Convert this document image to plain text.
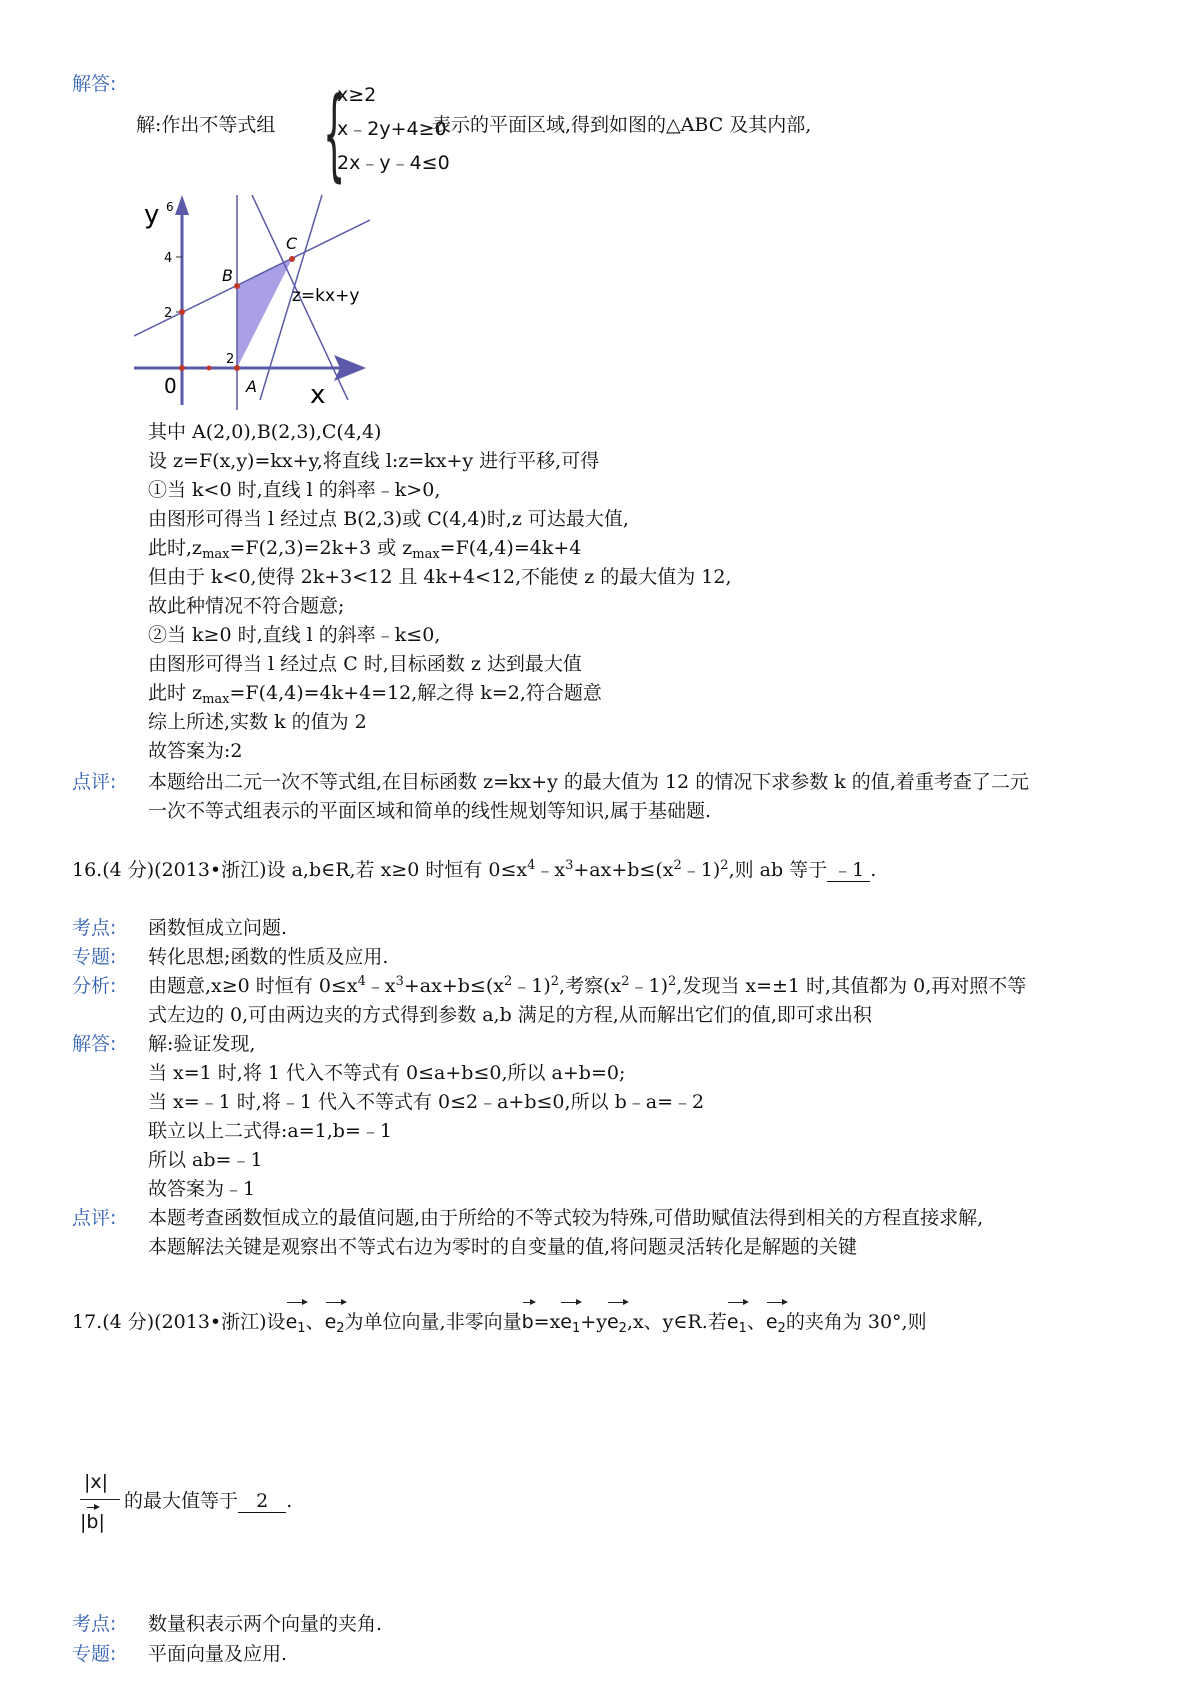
解答:
解:作出不等式组 {
x≥2
x﹣2y+4≥0
2x﹣y﹣4≤0
表示的平面区域,得到如图的△ABC 及其内部,
y 6
4
2
0
2
A
B
C
z=kx+y
x
其中 A(2,0),B(2,3),C(4,4)
设 z=F(x,y)=kx+y,将直线 l:z=kx+y 进行平移,可得
①当 k<0 时,直线 l 的斜率﹣k>0,
由图形可得当 l 经过点 B(2,3)或 C(4,4)时,z 可达最大值,
此时$,z_{max}=F(2,3)=2k+3$ 或 $z_{max}=F(4,4)=4k+4$
但由于 k<0,使得 2k+3<12 且 4k+4<12,不能使 z 的最大值为 12,
故此种情况不符合题意;
②当 k≥0 时,直线 l 的斜率﹣k≤0,
由图形可得当 l 经过点 C 时,目标函数 z 达到最大值
此时 $z_{max}=F(4,4)=4k+4=12$,解之得 k=2,符合题意
综上所述,实数 k 的值为 2
故答案为:2
点评: 本题给出二元一次不等式组,在目标函数 z=kx+y 的最大值为 12 的情况下求参数 k 的值,着重考查了二元
一次不等式组表示的平面区域和简单的线性规划等知识,属于基础题.
16.(4 分)(2013•浙江)设 a,b∈R,若 x≥0 时恒有 $0\le x^4﹣x^3+ax+b\le(x^2﹣1)^2$,则 ab 等于 ﹣1 .
考点: 函数恒成立问题.
专题: 转化思想;函数的性质及应用.
分析: 由题意,x≥0 时恒有 $0\le x^4﹣x^3+ax+b\le(x^2﹣1)^2$,考察$(x^2﹣1)^2$,发现当 x=±1 时,其值都为 0,再对照不等
式左边的 0,可由两边夹的方式得到参数 a,b 满足的方程,从而解出它们的值,即可求出积
解答: 解:验证发现,
当 x=1 时,将 1 代入不等式有 0≤a+b≤0,所以 a+b=0;
当 x=﹣1 时,将﹣1 代入不等式有 0≤2﹣a+b≤0,所以 b﹣a=﹣2
联立以上二式得:a=1,b=﹣1
所以 ab=﹣1
故答案为﹣1
点评: 本题考查函数恒成立的最值问题,由于所给的不等式较为特殊,可借助赋值法得到相关的方程直接求解,
本题解法关键是观察出不等式右边为零时的自变量的值,将问题灵活转化是解题的关键
17.(4 分)(2013•浙江)设$e_1$、$e_2$为单位向量,非零向量$b=xe_1+ye_2,x$、y∈R.若$e_1$、$e_2$的夹角为 30°,则
|x|
|b|
的最大值等于 2 .
考点: 数量积表示两个向量的夹角.
专题: 平面向量及应用.
